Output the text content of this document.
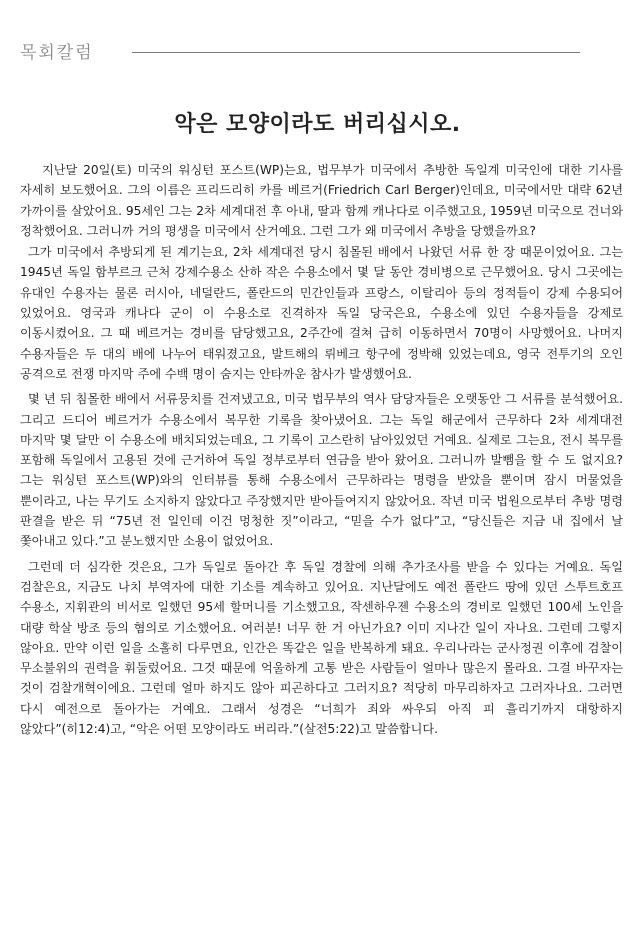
목회칼럼
악은 모양이라도 버리십시오.

지난달 20일(토) 미국의 워싱턴 포스트(WP)는요, 법무부가 미국에서 추방한 독일계 미국인에 대한 기사를 자세히 보도했어요. 그의 이름은 프리드리히 카를 베르거(Friedrich Carl Berger)인데요, 미국에서만 대략 62년 가까이를 살았어요. 95세인 그는 2차 세계대전 후 아내, 딸과 함께 캐나다로 이주했고요, 1959년 미국으로 건너와 정착했어요. 그러니까 거의 평생을 미국에서 산거예요. 그런 그가 왜 미국에서 추방을 당했을까요?

그가 미국에서 추방되게 된 계기는요, 2차 세계대전 당시 침몰된 배에서 나왔던 서류 한 장 때문이었어요. 그는 1945년 독일 함부르크 근처 강제수용소 산하 작은 수용소에서 몇 달 동안 경비병으로 근무했어요. 당시 그곳에는 유대인 수용자는 물론 러시아, 네덜란드, 폴란드의 민간인들과 프랑스, 이탈리아 등의 정적들이 강제 수용되어 있었어요. 영국과 캐나다 군이 이 수용소로 진격하자 독일 당국은요, 수용소에 있던 수용자들을 강제로 이동시켰어요. 그 때 베르거는 경비를 담당했고요, 2주간에 걸쳐 급히 이동하면서 70명이 사망했어요. 나머지 수용자들은 두 대의 배에 나누어 태워졌고요, 발트해의 뤼베크 항구에 정박해 있었는데요, 영국 전투기의 오인 공격으로 전쟁 마지막 주에 수백 명이 숨지는 안타까운 참사가 발생했어요.

몇 년 뒤 침몰한 배에서 서류뭉치를 건져냈고요, 미국 법무부의 역사 담당자들은 오랫동안 그 서류를 분석했어요. 그리고 드디어 베르거가 수용소에서 복무한 기록을 찾아냈어요. 그는 독일 해군에서 근무하다 2차 세계대전 마지막 몇 달만 이 수용소에 배치되었는데요, 그 기록이 고스란히 남아있었던 거예요. 실제로 그는요, 전시 복무를 포함해 독일에서 고용된 것에 근거하여 독일 정부로부터 연금을 받아 왔어요. 그러니까 발뺌을 할 수 도 없지요? 그는 워싱턴 포스트(WP)와의 인터뷰를 통해 수용소에서 근무하라는 명령을 받았을 뿐이며 잠시 머물었을 뿐이라고, 나는 무기도 소지하지 않았다고 주장했지만 받아들여지지 않았어요. 작년 미국 법원으로부터 추방 명령 판결을 받은 뒤 “75년 전 일인데 이건 멍청한 짓”이라고, “믿을 수가 없다”고, “당신들은 지금 내 집에서 날 쫓아내고 있다.”고 분노했지만 소용이 없었어요.

그런데 더 심각한 것은요, 그가 독일로 돌아간 후 독일 경찰에 의해 추가조사를 받을 수 있다는 거예요. 독일 검찰은요, 지금도 나치 부역자에 대한 기소를 계속하고 있어요. 지난달에도 예전 폴란드 땅에 있던 스투트호프 수용소, 지휘관의 비서로 일했던 95세 할머니를 기소했고요, 작센하우젠 수용소의 경비로 일했던 100세 노인을 대량 학살 방조 등의 혐의로 기소했어요. 여러분! 너무 한 거 아닌가요? 이미 지나간 일이 자나요. 그런데 그렇지 않아요. 만약 이런 일을 소홀히 다루면요, 인간은 똑같은 일을 반복하게 돼요. 우리나라는 군사정권 이후에 검찰이 무소불위의 권력을 휘둘렀어요. 그것 때문에 억울하게 고통 받은 사람들이 얼마나 많은지 몰라요. 그걸 바꾸자는 것이 검찰개혁이에요. 그런데 얼마 하지도 않아 피곤하다고 그러지요? 적당히 마무리하자고 그러자나요. 그러면 다시 예전으로 돌아가는 거예요. 그래서 성경은 “너희가 죄와 싸우되 아직 피 흘리기까지 대항하지 않았다”(히12:4)고, “악은 어떤 모양이라도 버리라.”(살전5:22)고 말씀합니다.
